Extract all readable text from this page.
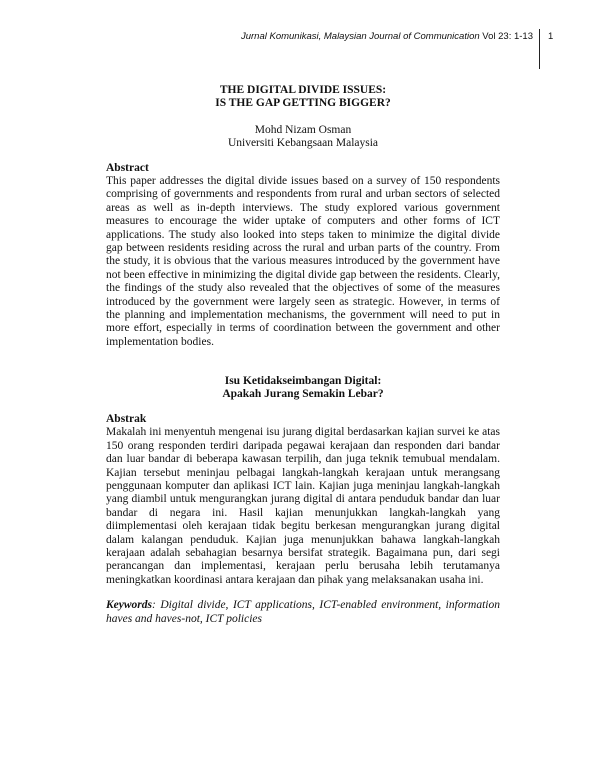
Jurnal Komunikasi, Malaysian Journal of Communication Vol 23: 1-13 1
THE DIGITAL DIVIDE ISSUES:
IS THE GAP GETTING BIGGER?
Mohd Nizam Osman
Universiti Kebangsaan Malaysia
Abstract

This paper addresses the digital divide issues based on a survey of 150 respondents comprising of governments and respondents from rural and urban sectors of selected areas as well as in-depth interviews. The study explored various government measures to encourage the wider uptake of computers and other forms of ICT applications. The study also looked into steps taken to minimize the digital divide gap between residents residing across the rural and urban parts of the country. From the study, it is obvious that the various measures introduced by the government have not been effective in minimizing the digital divide gap between the residents. Clearly, the findings of the study also revealed that the objectives of some of the measures introduced by the government were largely seen as strategic. However, in terms of the planning and implementation mechanisms, the government will need to put in more effort, especially in terms of coordination between the government and other implementation bodies.

Isu Ketidakseimbangan Digital:
Apakah Jurang Semakin Lebar?
Abstrak

Makalah ini menyentuh mengenai isu jurang digital berdasarkan kajian survei ke atas 150 orang responden terdiri daripada pegawai kerajaan dan responden dari bandar dan luar bandar di beberapa kawasan terpilih, dan juga teknik temubual mendalam. Kajian tersebut meninjau pelbagai langkah-langkah kerajaan untuk merangsang penggunaan komputer dan aplikasi ICT lain. Kajian juga meninjau langkah-langkah yang diambil untuk mengurangkan jurang digital di antara penduduk bandar dan luar bandar di negara ini. Hasil kajian menunjukkan langkah-langkah yang diimplementasi oleh kerajaan tidak begitu berkesan mengurangkan jurang digital dalam kalangan penduduk. Kajian juga menunjukkan bahawa langkah-langkah kerajaan adalah sebahagian besarnya bersifat strategik. Bagaimana pun, dari segi perancangan dan implementasi, kerajaan perlu berusaha lebih terutamanya meningkatkan koordinasi antara kerajaan dan pihak yang melaksanakan usaha ini.

Keywords: Digital divide, ICT applications, ICT-enabled environment, information haves and haves-not, ICT policies
